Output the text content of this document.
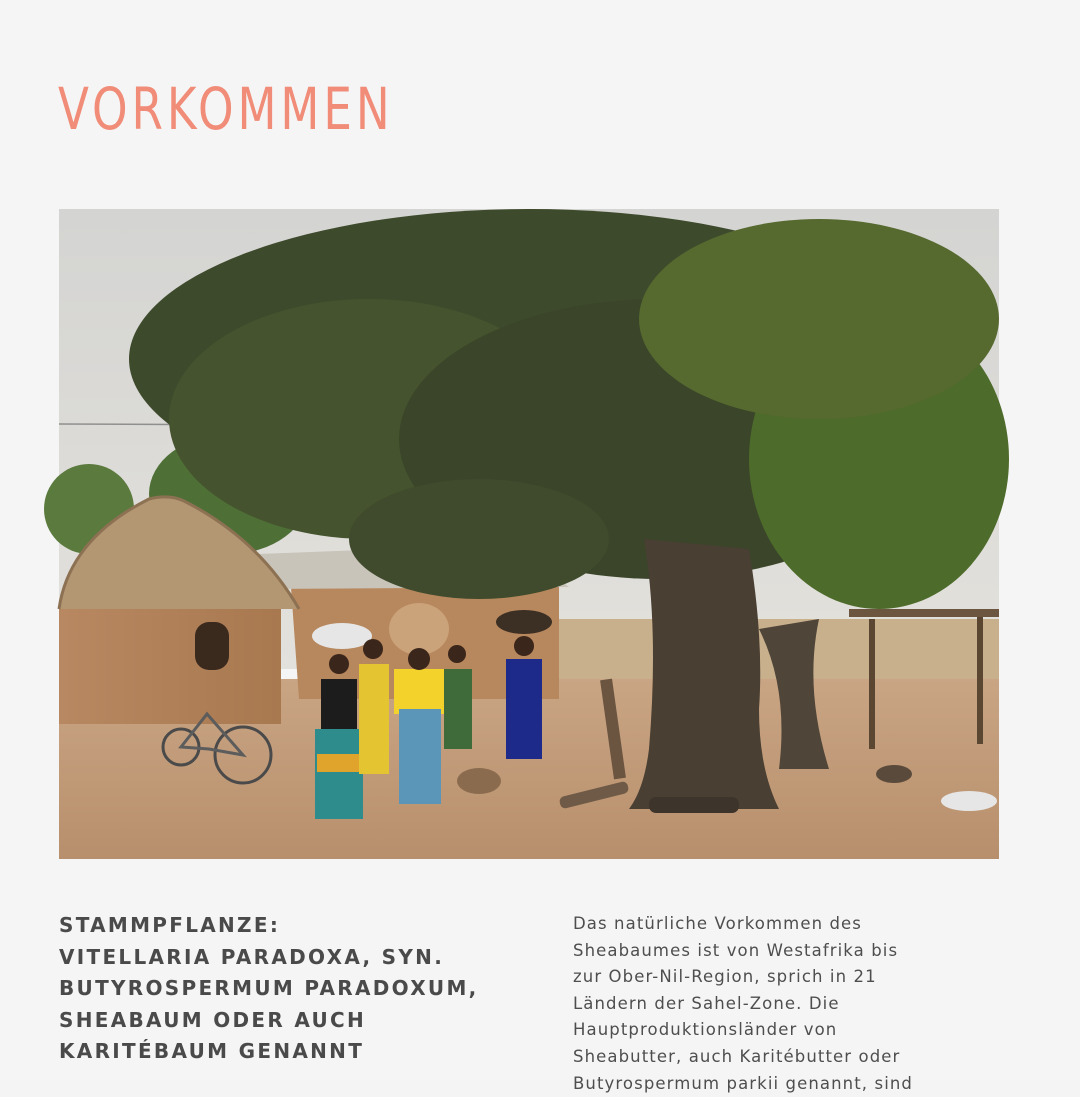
VORKOMMEN

STAMMPFLANZE:
VITELLARIA PARADOXA, SYN.
BUTYROSPERMUM PARADOXUM,
SHEABAUM ODER AUCH
KARITÉBAUM GENANNT

Das natürliche Vorkommen des
Sheabaumes ist von Westafrika bis
zur Ober-Nil-Region, sprich in 21
Ländern der Sahel-Zone. Die
Hauptproduktionsländer von
Sheabutter, auch Karitébutter oder
Butyrospermum parkii genannt, sind
